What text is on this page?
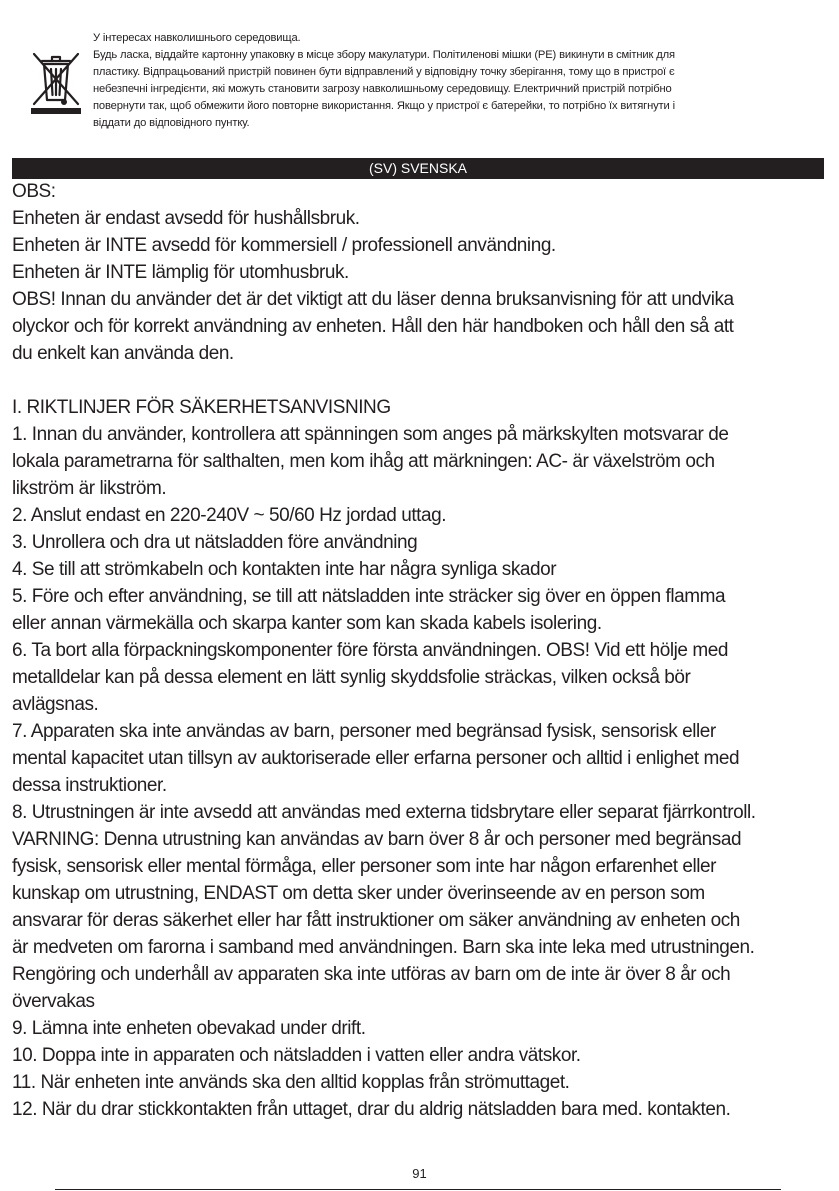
У інтересах навколишнього середовища.
Будь ласка, віддайте картонну упаковку в місце збору макулатури. Політиленові мішки (PE) викинути в смітник для
пластику. Відпрацьований пристрій повинен бути відправлений у відповідну точку зберігання, тому що в пристрої є
небезпечні інгредієнти, які можуть становити загрозу навколишньому середовищу. Електричний пристрій потрібно
повернути так, щоб обмежити його повторне використання. Якщо у пристрої є батерейки, то потрібно їх витягнути і
віддати до відповідного пунтку.
(SV) SVENSKA
OBS:
Enheten är endast avsedd för hushållsbruk.
Enheten är INTE avsedd för kommersiell / professionell användning.
Enheten är INTE lämplig för utomhusbruk.
OBS! Innan du använder det är det viktigt att du läser denna bruksanvisning för att undvika
olyckor och för korrekt användning av enheten. Håll den här handboken och håll den så att
du enkelt kan använda den.
I. RIKTLINJER FÖR SÄKERHETSANVISNING
1. Innan du använder, kontrollera att spänningen som anges på märkskylten motsvarar de
lokala parametrarna för salthalten, men kom ihåg att märkningen: AC- är växelström och
likström är likström.
2. Anslut endast en 220-240V ~ 50/60 Hz jordad uttag.
3. Unrollera och dra ut nätsladden före användning
4. Se till att strömkabeln och kontakten inte har några synliga skador
5. Före och efter användning, se till att nätsladden inte sträcker sig över en öppen flamma
eller annan värmekälla och skarpa kanter som kan skada kabels isolering.
6. Ta bort alla förpackningskomponenter före första användningen. OBS! Vid ett hölje med
metalldelar kan på dessa element en lätt synlig skyddsfolie sträckas, vilken också bör
avlägsnas.
7. Apparaten ska inte användas av barn, personer med begränsad fysisk, sensorisk eller
mental kapacitet utan tillsyn av auktoriserade eller erfarna personer och alltid i enlighet med
dessa instruktioner.
8. Utrustningen är inte avsedd att användas med externa tidsbrytare eller separat fjärrkontroll.
VARNING: Denna utrustning kan användas av barn över 8 år och personer med begränsad
fysisk, sensorisk eller mental förmåga, eller personer som inte har någon erfarenhet eller
kunskap om utrustning, ENDAST om detta sker under överinseende av en person som
ansvarar för deras säkerhet eller har fått instruktioner om säker användning av enheten och
är medveten om farorna i samband med användningen. Barn ska inte leka med utrustningen.
Rengöring och underhåll av apparaten ska inte utföras av barn om de inte är över 8 år och
övervakas
9. Lämna inte enheten obevakad under drift.
10. Doppa inte in apparaten och nätsladden i vatten eller andra vätskor.
11. När enheten inte används ska den alltid kopplas från strömuttaget.
12. När du drar stickkontakten från uttaget, drar du aldrig nätsladden bara med. kontakten.
91
